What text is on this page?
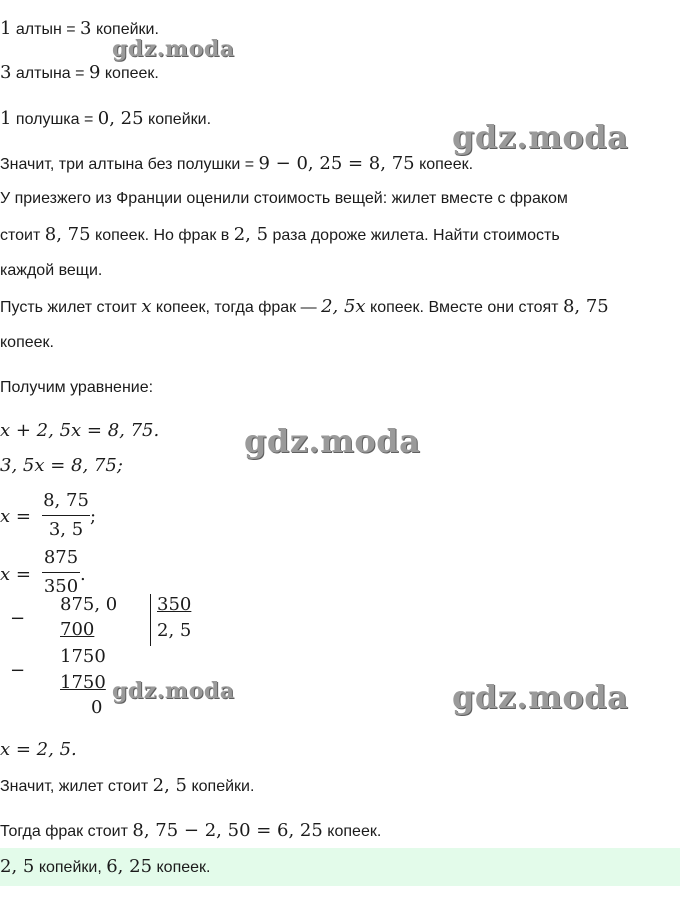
1 алтын = 3 копейки.
3 алтына = 9 копеек.
1 полушка = 0, 25 копейки.
Значит, три алтына без полушки = 9 − 0, 25 = 8, 75 копеек.
У приезжего из Франции оценили стоимость вещей: жилет вместе с фраком
стоит 8, 75 копеек. Но фрак в 2, 5 раза дороже жилета. Найти стоимость
каждой вещи.
Пусть жилет стоит x копеек, тогда фрак — 2, 5x копеек. Вместе они стоят 8, 75
копеек.
Получим уравнение:
x + 2, 5x = 8, 75.
3, 5x = 8, 75;
x =
8, 75
3, 5
;
x =
875
350
.
−
875, 0
700
350
2, 5
1750
−
1750
0
x = 2, 5.
Значит, жилет стоит 2, 5 копейки.
Тогда фрак стоит 8, 75 − 2, 50 = 6, 25 копеек.
2, 5 копейки, 6, 25 копеек.
gdz.moda
gdz.moda
gdz.moda
gdz.moda	gdz.moda
